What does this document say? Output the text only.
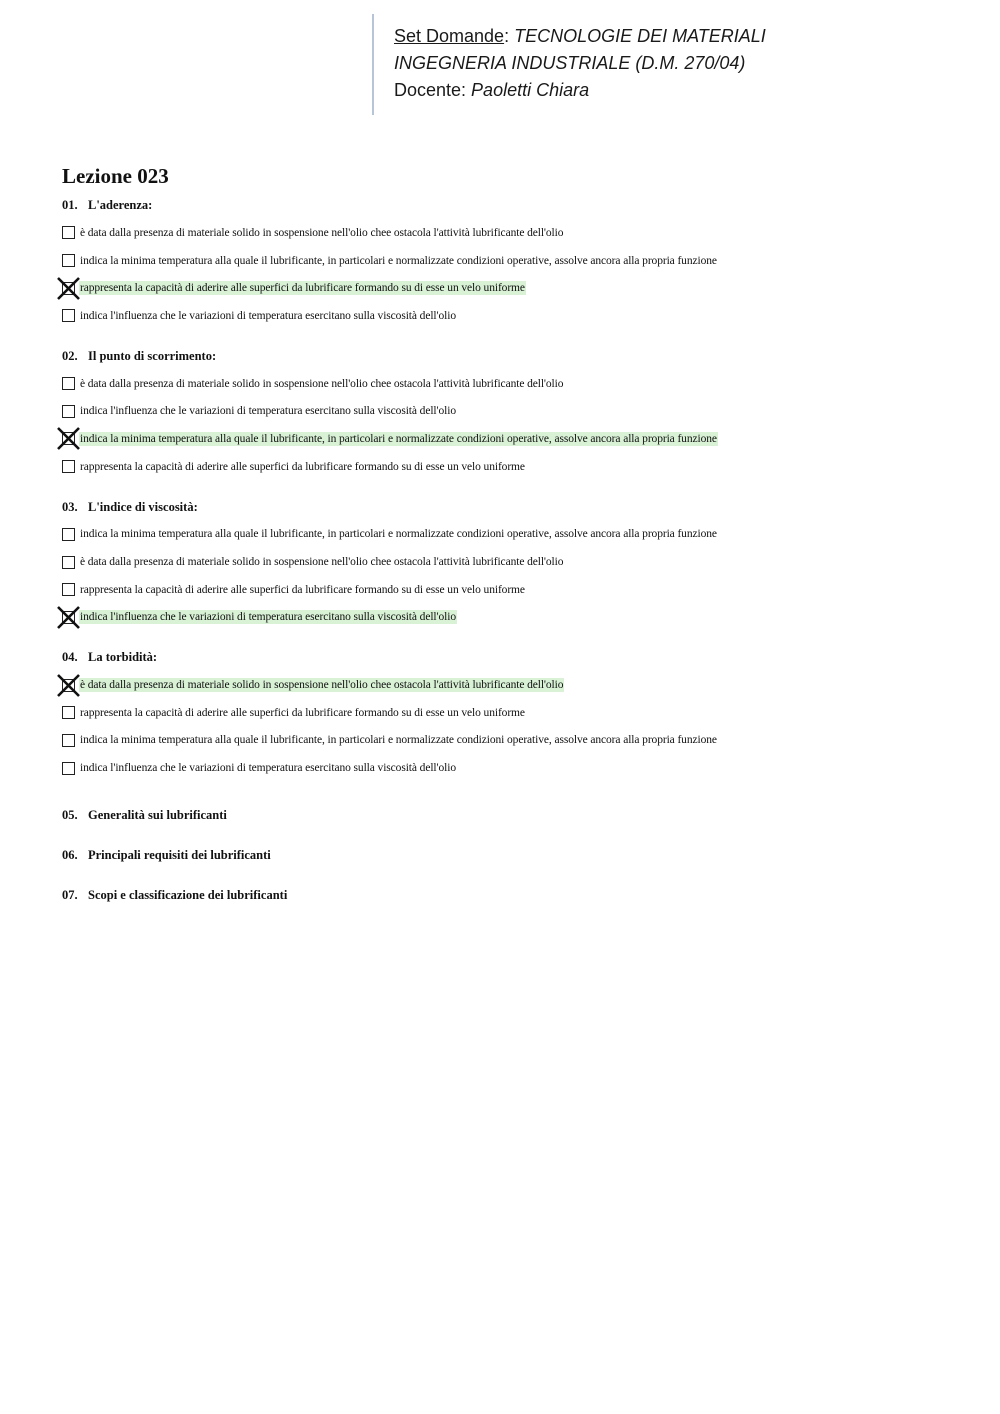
Set Domande: TECNOLOGIE DEI MATERIALI
INGEGNERIA INDUSTRIALE (D.M. 270/04)
Docente: Paoletti Chiara
Lezione 023
01. L'aderenza:
è data dalla presenza di materiale solido in sospensione nell'olio chee ostacola l'attività lubrificante dell'olio
indica la minima temperatura alla quale il lubrificante, in particolari e normalizzate condizioni operative, assolve ancora alla propria funzione
rappresenta la capacità di aderire alle superfici da lubrificare formando su di esse un velo uniforme
indica l'influenza che le variazioni di temperatura esercitano sulla viscosità dell'olio
02. Il punto di scorrimento:
è data dalla presenza di materiale solido in sospensione nell'olio chee ostacola l'attività lubrificante dell'olio
indica l'influenza che le variazioni di temperatura esercitano sulla viscosità dell'olio
indica la minima temperatura alla quale il lubrificante, in particolari e normalizzate condizioni operative, assolve ancora alla propria funzione
rappresenta la capacità di aderire alle superfici da lubrificare formando su di esse un velo uniforme
03. L'indice di viscosità:
indica la minima temperatura alla quale il lubrificante, in particolari e normalizzate condizioni operative, assolve ancora alla propria funzione
è data dalla presenza di materiale solido in sospensione nell'olio chee ostacola l'attività lubrificante dell'olio
rappresenta la capacità di aderire alle superfici da lubrificare formando su di esse un velo uniforme
indica l'influenza che le variazioni di temperatura esercitano sulla viscosità dell'olio
04. La torbidità:
è data dalla presenza di materiale solido in sospensione nell'olio chee ostacola l'attività lubrificante dell'olio
rappresenta la capacità di aderire alle superfici da lubrificare formando su di esse un velo uniforme
indica la minima temperatura alla quale il lubrificante, in particolari e normalizzate condizioni operative, assolve ancora alla propria funzione
indica l'influenza che le variazioni di temperatura esercitano sulla viscosità dell'olio
05. Generalità sui lubrificanti
06. Principali requisiti dei lubrificanti
07. Scopi e classificazione dei lubrificanti
